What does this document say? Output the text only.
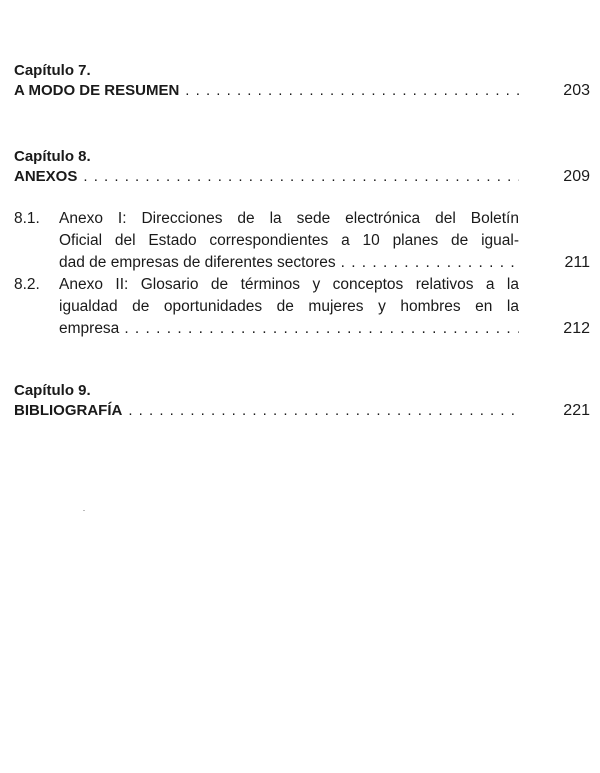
Capítulo 7.
A MODO DE RESUMEN . . .	203
Capítulo 8.
ANEXOS . . .	209
8.1. Anexo I: Direcciones de la sede electrónica del Boletín
Oficial del Estado correspondientes a 10 planes de igual-
dad de empresas de diferentes sectores . . .	211
8.2. Anexo II: Glosario de términos y conceptos relativos a la
igualdad de oportunidades de mujeres y hombres en la
empresa . . .	212
Capítulo 9.
BIBLIOGRAFÍA . . .	221
